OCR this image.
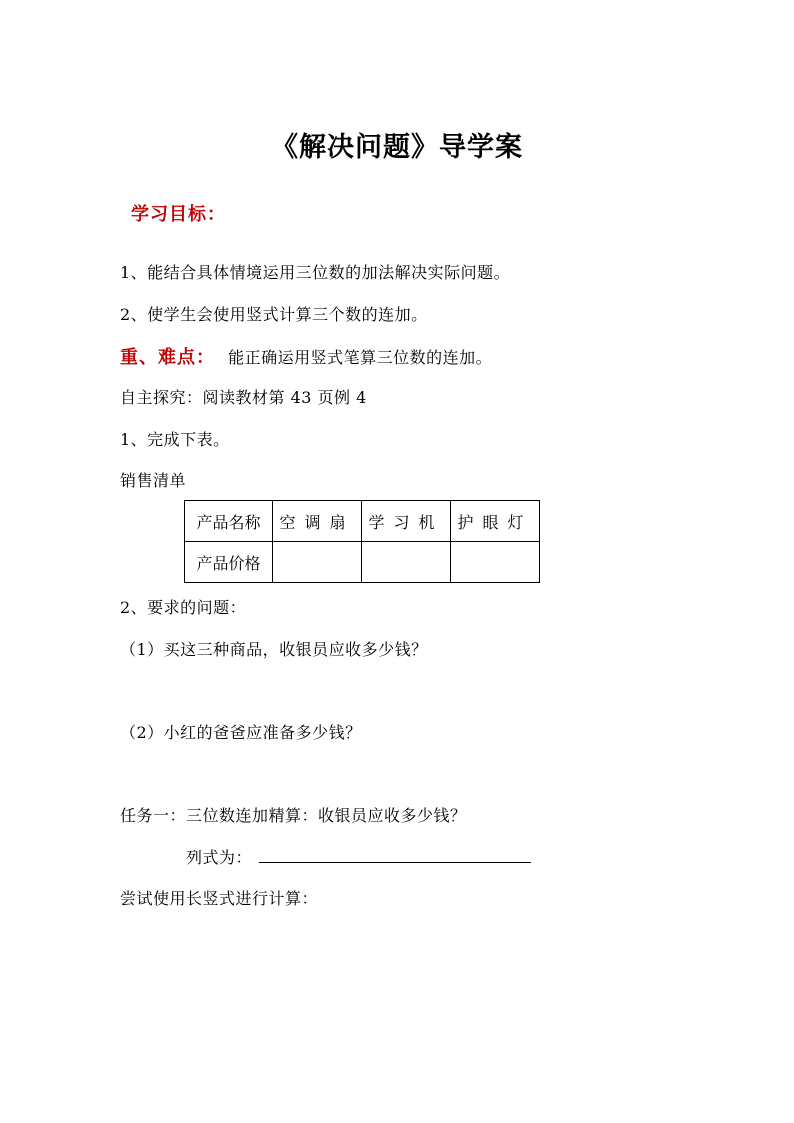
《解决问题》导学案
学习目标：
1、能结合具体情境运用三位数的加法解决实际问题。
2、使学生会使用竖式计算三个数的连加。
重、难点： 能正确运用竖式笔算三位数的连加。
自主探究：阅读教材第 43 页例 4
1、完成下表。
销售清单
产品名称	空调扇	学习机	护眼灯
产品价格			
2、要求的问题：
（1）买这三种商品，收银员应收多少钱？
（2）小红的爸爸应准备多少钱？
任务一：三位数连加精算：收银员应收多少钱？
列式为：
尝试使用长竖式进行计算：
